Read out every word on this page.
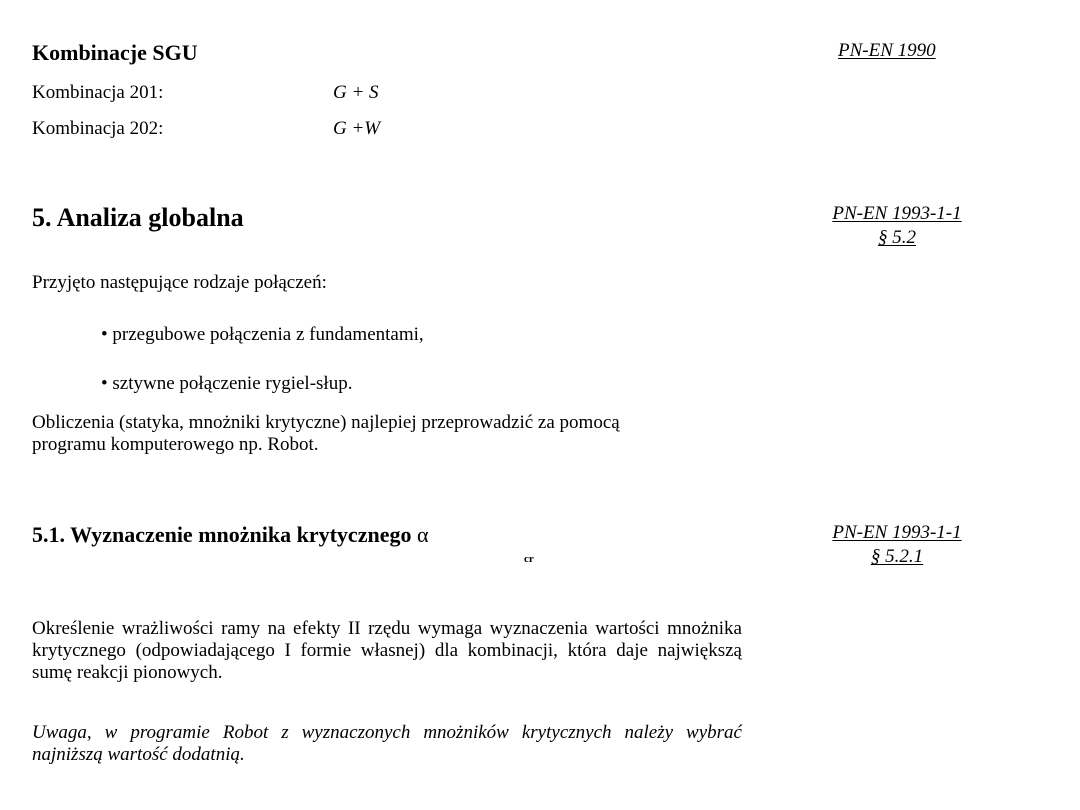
Kombinacje SGU	PN-EN 1990
Kombinacja 201:	G + S
Kombinacja 202:	G +W
5. Analiza globalna	PN-EN 1993-1-1
§ 5.2
Przyjęto następujące rodzaje połączeń:
• przegubowe połączenia z fundamentami,
• sztywne połączenie rygiel-słup.
Obliczenia (statyka, mnożniki krytyczne) najlepiej przeprowadzić za pomocą programu komputerowego np. Robot.
5.1. Wyznaczenie mnożnika krytycznego α
cr
PN-EN 1993-1-1
§ 5.2.1
Określenie wrażliwości ramy na efekty II rzędu wymaga wyznaczenia wartości mnożnika krytycznego (odpowiadającego I formie własnej) dla kombinacji, która daje największą sumę reakcji pionowych.
Uwaga, w programie Robot z wyznaczonych mnożników krytycznych należy wybrać najniższą wartość dodatnią.
